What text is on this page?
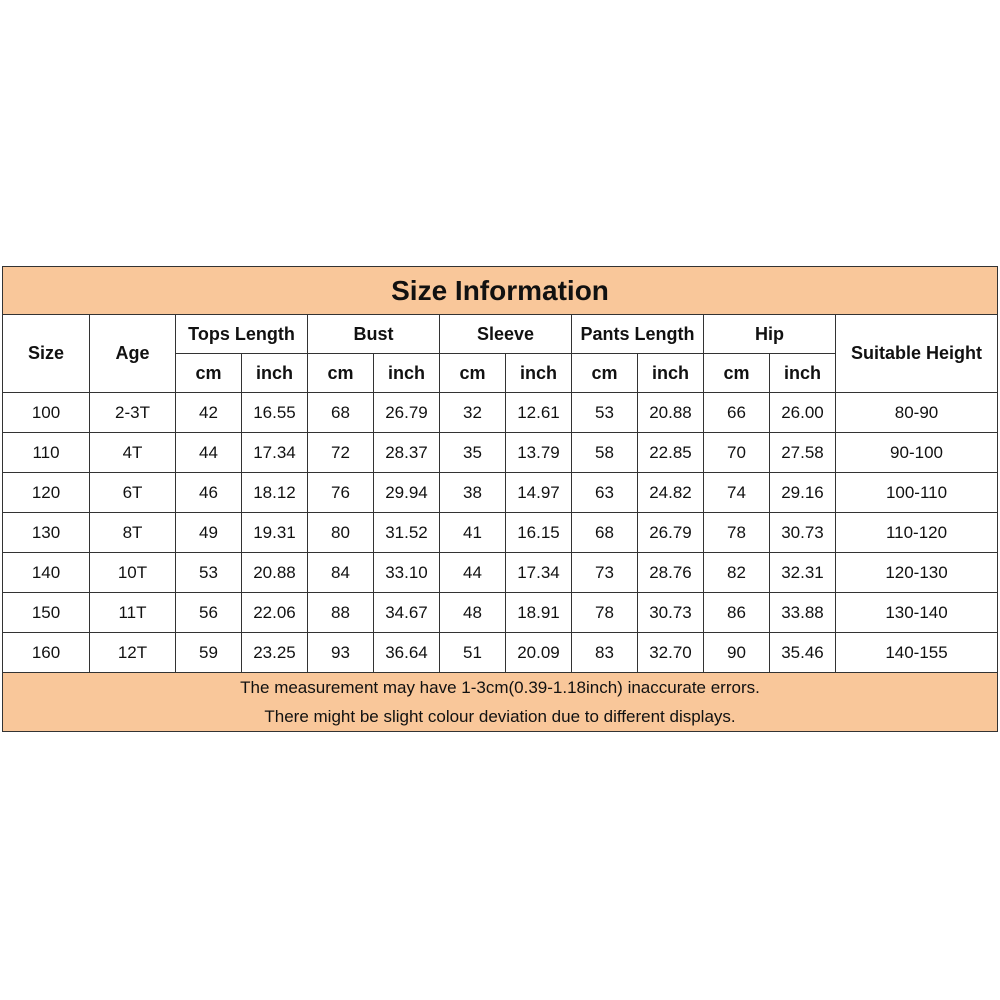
Size Information												
Size	Age	Tops Length		Bust		Sleeve		Pants Length		Hip		Suitable Height
		cm	inch	cm	inch	cm	inch	cm	inch	cm	inch	
100	2-3T	42	16.55	68	26.79	32	12.61	53	20.88	66	26.00	80-90
110	4T	44	17.34	72	28.37	35	13.79	58	22.85	70	27.58	90-100
120	6T	46	18.12	76	29.94	38	14.97	63	24.82	74	29.16	100-110
130	8T	49	19.31	80	31.52	41	16.15	68	26.79	78	30.73	110-120
140	10T	53	20.88	84	33.10	44	17.34	73	28.76	82	32.31	120-130
150	11T	56	22.06	88	34.67	48	18.91	78	30.73	86	33.88	130-140
160	12T	59	23.25	93	36.64	51	20.09	83	32.70	90	35.46	140-155

The measurement may have 1-3cm(0.39-1.18inch) inaccurate errors.
There might be slight colour deviation due to different displays.												
